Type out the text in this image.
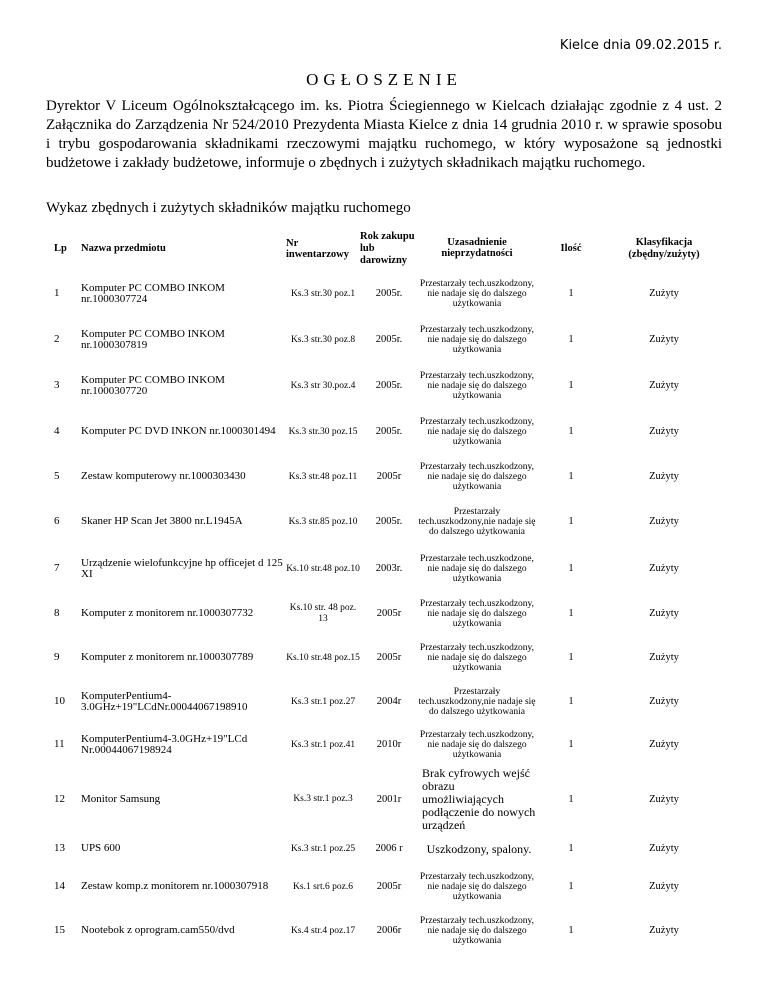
Kielce dnia 09.02.2015 r.
OGŁOSZENIE
Dyrektor V Liceum Ogólnokształcącego im. ks. Piotra Ściegiennego w Kielcach działając zgodnie z 4 ust. 2 Załącznika do Zarządzenia Nr 524/2010 Prezydenta Miasta Kielce z dnia 14 grudnia 2010 r. w sprawie sposobu i trybu gospodarowania składnikami rzeczowymi majątku ruchomego, w który wyposażone są jednostki budżetowe i zakłady budżetowe, informuje o zbędnych i zużytych składnikach majątku ruchomego.
Wykaz zbędnych i zużytych składników majątku ruchomego
Lp	Nazwa przedmiotu	Nr inwentarzowy	Rok zakupu lub darowizny	Uzasadnienie nieprzydatności	Ilość	Klasyfikacja (zbędny/zużyty)
1	Komputer PC COMBO INKOM nr.1000307724	Ks.3 str.30 poz.1	2005r.	Przestarzały tech.uszkodzony, nie nadaje się do dalszego użytkowania	1	Zużyty
2	Komputer PC COMBO INKOM nr.1000307819	Ks.3 str.30 poz.8	2005r.	Przestarzały tech.uszkodzony, nie nadaje się do dalszego użytkowania	1	Zużyty
3	Komputer PC COMBO INKOM nr.1000307720	Ks.3 str 30.poz.4	2005r.	Przestarzały tech.uszkodzony, nie nadaje się do dalszego użytkowania	1	Zużyty
4	Komputer PC DVD INKON nr.1000301494	Ks.3 str.30 poz.15	2005r.	Przestarzały tech.uszkodzony, nie nadaje się do dalszego użytkowania	1	Zużyty
5	Zestaw komputerowy nr.1000303430	Ks.3 str.48 poz.11	2005r	Przestarzały tech.uszkodzony, nie nadaje się do dalszego użytkowania	1	Zużyty
6	Skaner HP Scan Jet 3800 nr.L1945A	Ks.3 str.85 poz.10	2005r.	Przestarzały tech.uszkodzony,nie nadaje się do dalszego użytkowania	1	Zużyty
7	Urządzenie wielofunkcyjne hp officejet d 125 XI	Ks.10 str.48 poz.10	2003r.	Przestarzałe tech.uszkodzone, nie nadaje się do dalszego użytkowania	1	Zużyty
8	Komputer z monitorem nr.1000307732	Ks.10 str. 48 poz. 13	2005r	Przestarzały tech.uszkodzony, nie nadaje się do dalszego użytkowania	1	Zużyty
9	Komputer z monitorem nr.1000307789	Ks.10 str.48 poz.15	2005r	Przestarzały tech.uszkodzony, nie nadaje się do dalszego użytkowania	1	Zużyty
10	KomputerPentium4-3.0GHz+19"LCdNr.00044067198910	Ks.3 str.1 poz.27	2004r	Przestarzały tech.uszkodzony,nie nadaje się do dalszego użytkowania	1	Zużyty
11	KomputerPentium4-3.0GHz+19"LCd Nr.00044067198924	Ks.3 str.1 poz.41	2010r	Przestarzały tech.uszkodzony, nie nadaje się do dalszego użytkowania	1	Zużyty
12	Monitor Samsung	Ks.3 str.1 poz.3	2001r	Brak cyfrowych wejść obrazu umożliwiających podłączenie do nowych urządzeń	1	Zużyty
13	UPS 600	Ks.3 str.1 poz.25	2006 r	Uszkodzony, spalony.	1	Zużyty
14	Zestaw komp.z monitorem nr.1000307918	Ks.1 srt.6 poz.6	2005r	Przestarzały tech.uszkodzony, nie nadaje się do dalszego użytkowania	1	Zużyty
15	Nootebok z oprogram.cam550/dvd	Ks.4 str.4 poz.17	2006r	Przestarzały tech.uszkodzony, nie nadaje się do dalszego użytkowania	1	Zużyty
